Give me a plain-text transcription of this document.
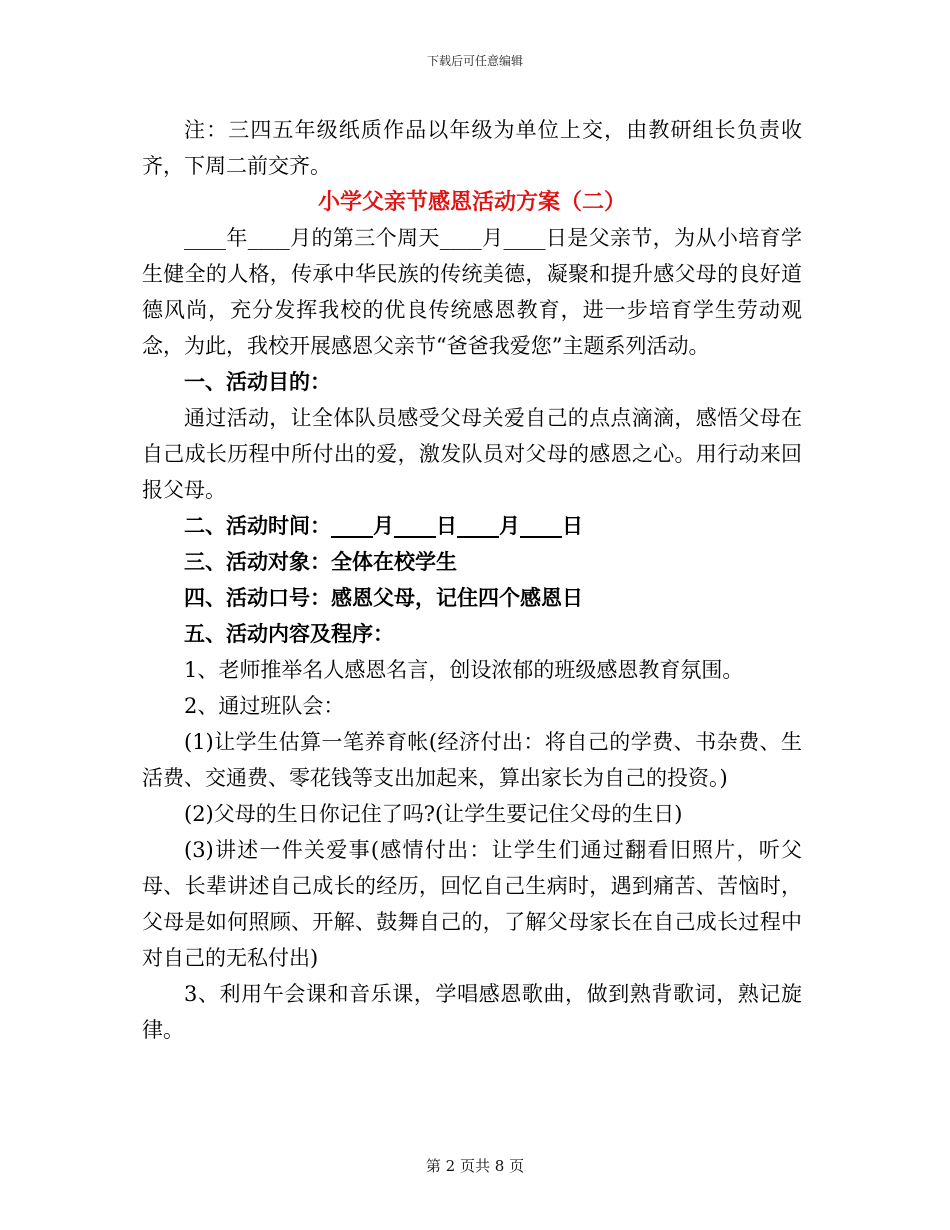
下载后可任意编辑

注：三四五年级纸质作品以年级为单位上交，由教研组长负责收齐，下周二前交齐。

小学父亲节感恩活动方案（二）

____年____月的第三个周天____月____日是父亲节，为从小培育学生健全的人格，传承中华民族的传统美德，凝聚和提升感父母的良好道德风尚，充分发挥我校的优良传统感恩教育，进一步培育学生劳动观念，为此，我校开展感恩父亲节“爸爸我爱您”主题系列活动。

一、活动目的：

通过活动，让全体队员感受父母关爱自己的点点滴滴，感悟父母在自己成长历程中所付出的爱，激发队员对父母的感恩之心。用行动来回报父母。

二、活动时间：____月____日____月____日

三、活动对象：全体在校学生

四、活动口号：感恩父母，记住四个感恩日

五、活动内容及程序：

1、老师推举名人感恩名言，创设浓郁的班级感恩教育氛围。

2、通过班队会：

(1)让学生估算一笔养育帐(经济付出：将自己的学费、书杂费、生活费、交通费、零花钱等支出加起来，算出家长为自己的投资。)

(2)父母的生日你记住了吗?(让学生要记住父母的生日)

(3)讲述一件关爱事(感情付出：让学生们通过翻看旧照片，听父母、长辈讲述自己成长的经历，回忆自己生病时，遇到痛苦、苦恼时，父母是如何照顾、开解、鼓舞自己的，了解父母家长在自己成长过程中对自己的无私付出)

3、利用午会课和音乐课，学唱感恩歌曲，做到熟背歌词，熟记旋律。

第 2 页共 8 页
